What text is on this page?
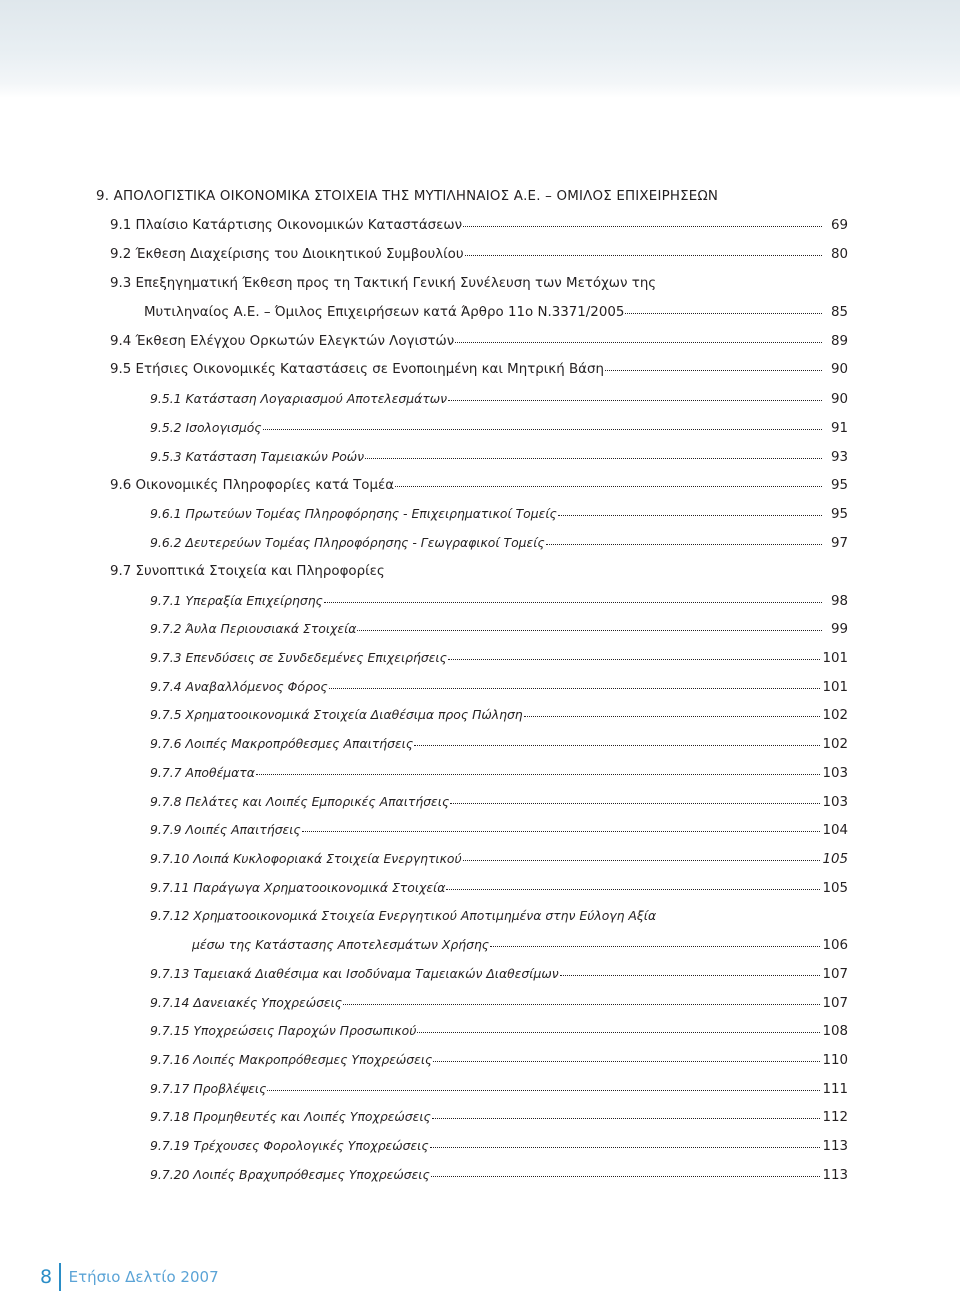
9. ΑΠΟΛΟΓΙΣΤΙΚΑ ΟΙΚΟΝΟΜΙΚΑ ΣΤΟΙΧΕΙΑ ΤΗΣ ΜΥΤΙΛΗΝΑΙΟΣ Α.Ε. – ΟΜΙΛΟΣ ΕΠΙΧΕΙΡΗΣΕΩΝ
9.1 Πλαίσιο Κατάρτισης Οικονομικών Καταστάσεων	69
9.2 Έκθεση Διαχείρισης του Διοικητικού Συμβουλίου	80
9.3 Επεξηγηματική Έκθεση προς τη Τακτική Γενική Συνέλευση των Μετόχων της
Μυτιληναίος Α.Ε. – Όμιλος Επιχειρήσεων κατά Άρθρο 11ο Ν.3371/2005	85
9.4 Έκθεση Ελέγχου Ορκωτών Ελεγκτών Λογιστών	89
9.5 Ετήσιες Οικονομικές Καταστάσεις σε Ενοποιημένη και Μητρική Βάση	90
9.5.1 Κατάσταση Λογαριασμού Αποτελεσμάτων	90
9.5.2 Ισολογισμός	91
9.5.3 Κατάσταση Ταμειακών Ροών	93
9.6 Οικονομικές Πληροφορίες κατά Τομέα	95
9.6.1 Πρωτεύων Τομέας Πληροφόρησης - Επιχειρηματικοί Τομείς	95
9.6.2 Δευτερεύων Τομέας Πληροφόρησης - Γεωγραφικοί Τομείς	97
9.7 Συνοπτικά Στοιχεία και Πληροφορίες
9.7.1 Υπεραξία Επιχείρησης	98
9.7.2 Άυλα Περιουσιακά Στοιχεία	99
9.7.3 Επενδύσεις σε Συνδεδεμένες Επιχειρήσεις	101
9.7.4 Αναβαλλόμενος Φόρος	101
9.7.5 Χρηματοοικονομικά Στοιχεία Διαθέσιμα προς Πώληση	102
9.7.6 Λοιπές Μακροπρόθεσμες Απαιτήσεις	102
9.7.7 Αποθέματα	103
9.7.8 Πελάτες και Λοιπές Εμπορικές Απαιτήσεις	103
9.7.9 Λοιπές Απαιτήσεις	104
9.7.10 Λοιπά Κυκλοφοριακά Στοιχεία Ενεργητικού	105
9.7.11 Παράγωγα Χρηματοοικονομικά Στοιχεία	105
9.7.12 Χρηματοοικονομικά Στοιχεία Ενεργητικού Αποτιμημένα στην Εύλογη Αξία
μέσω της Κατάστασης Αποτελεσμάτων Χρήσης	106
9.7.13 Ταμειακά Διαθέσιμα και Ισοδύναμα Ταμειακών Διαθεσίμων	107
9.7.14 Δανειακές Υποχρεώσεις	107
9.7.15 Υποχρεώσεις Παροχών Προσωπικού	108
9.7.16 Λοιπές Μακροπρόθεσμες Υποχρεώσεις	110
9.7.17 Προβλέψεις	111
9.7.18 Προμηθευτές και Λοιπές Υποχρεώσεις	112
9.7.19 Τρέχουσες Φορολογικές Υποχρεώσεις	113
9.7.20 Λοιπές Βραχυπρόθεσμες Υποχρεώσεις	113
8 Ετήσιο Δελτίο 2007
